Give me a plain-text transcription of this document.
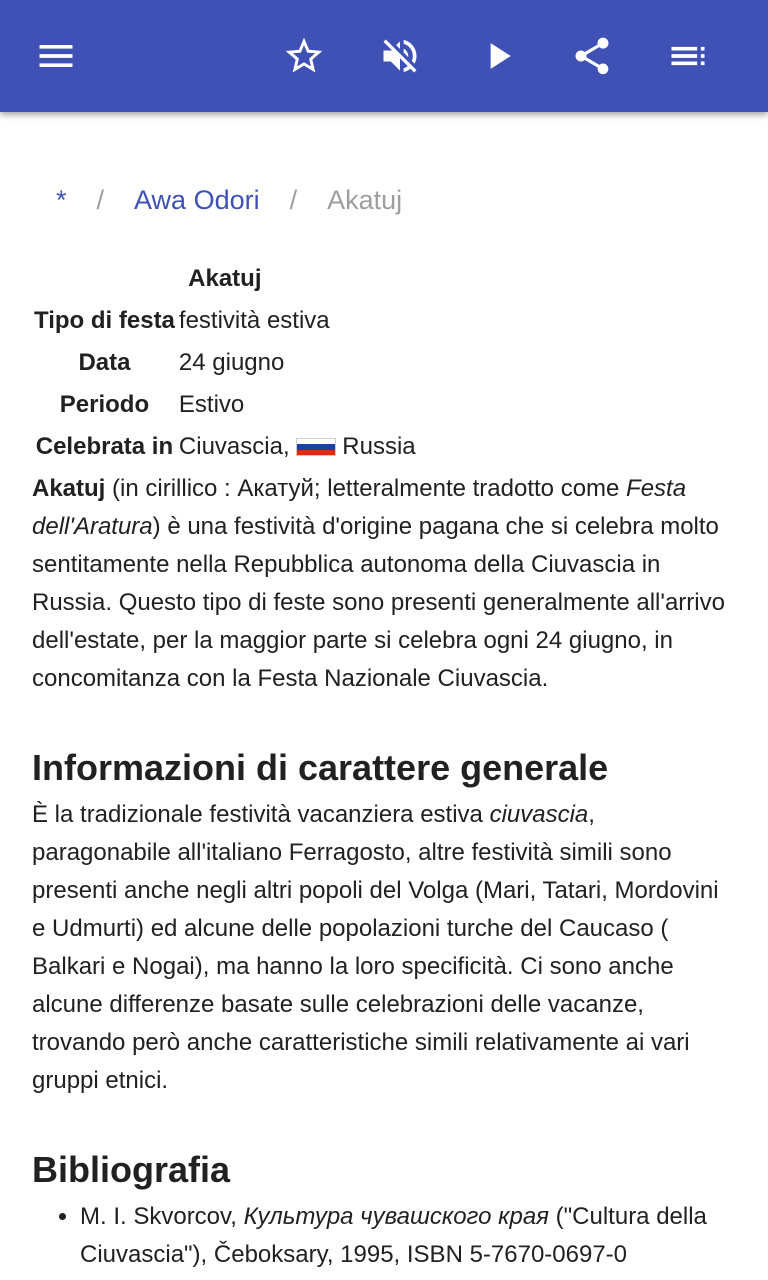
* / Awa Odori / Akatuj
Akatuj	
Tipo di festa	festività estiva
Data	24 giugno
Periodo	Estivo
Celebrata in	Ciuvascia, Russia

Akatuj (in cirillico : Акатуй; letteralmente tradotto come Festa dell'Aratura) è una festività d'origine pagana che si celebra molto sentitamente nella Repubblica autonoma della Ciuvascia in Russia. Questo tipo di feste sono presenti generalmente all'arrivo dell'estate, per la maggior parte si celebra ogni 24 giugno, in concomitanza con la Festa Nazionale Ciuvascia.

Informazioni di carattere generale

È la tradizionale festività vacanziera estiva ciuvascia, paragonabile all'italiano Ferragosto, altre festività simili sono presenti anche negli altri popoli del Volga (Mari, Tatari, Mordovini e Udmurti) ed alcune delle popolazioni turche del Caucaso ( Balkari e Nogai), ma hanno la loro specificità. Ci sono anche alcune differenze basate sulle celebrazioni delle vacanze, trovando però anche caratteristiche simili relativamente ai vari gruppi etnici.

Bibliografia
• M. I. Skvorcov, Культура чувашского края ("Cultura della Ciuvascia"), Čeboksary, 1995, ISBN 5-7670-0697-0
